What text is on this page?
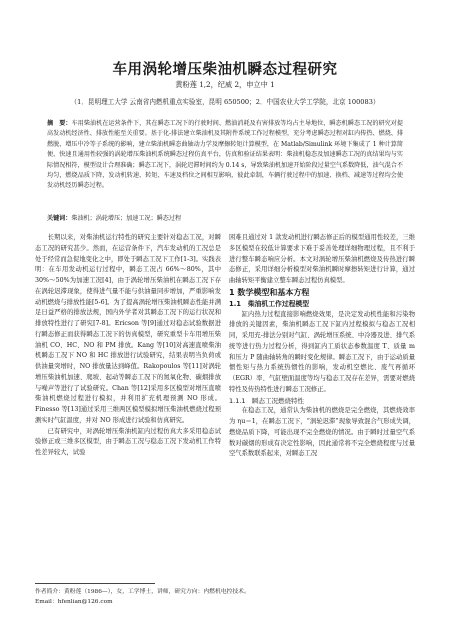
车用涡轮增压柴油机瞬态过程研究
黄粉莲 1,2，纪威 2，申立中 1
（1．昆明理工大学 云南省内燃机重点实验室，昆明 650500；2．中国农业大学工学院，北京 100083）
摘　要：车用柴油机在运营条件下，其在瞬态工况下的行驶时间、燃油消耗及有害排放等均占主导地位，瞬态机瞬态工况的研究对提高发动机经济性、排放性能至关重要。基于化-排法建立柴油机及其附件系统工作过程模型，充分考虑瞬态过程对缸内传热、燃烧、排燃脱、增压中冷等子系统的影响，建立柴油机瞬态曲轴动力学及摩擦转矩计算模型，在 Matlab/Simulink 环境下集成了 1 种计算简便、快速且通用性较强的涡轮增压柴油机系统瞬态过程仿真平台，仿真和验证结果表明：柴油机稳态及加速瞬态工况的真结果均与实际情况相符，模型设计合理准确；瞬态工况下，涡轮迟滞时间约为 0.14 s，导致柴油机加速开始阶段过量空气系数降低，油气混合不均匀，燃烧品质下降，发动机转速、转矩、车速及档位之间相互影响，彼此牵制，车辆行驶过程中的加速、换档、减速等过程均会使发动机经历瞬态过程。
关键词：柴油机；涡轮增压；加速工况；瞬态过程

长期以来，对柴油机运行特性的研究主要针对稳态工况，对瞬态工况的研究甚少。然而，在运营条件下，汽车发动机的工况总是处于经常而急促地变化之中，即处于瞬态工况下工作[1-3]。实践表明：在车用发动机运行过程中，瞬态工况占 66%～80%，其中 30%～50%为加速工况[4]，由于涡轮增压柴油机在瞬态工况下存在涡轮迟滞现象，使得进气量不能与供油量同步增加，严重影响发动机燃烧与排放性能[5-6]。为了提高涡轮增压柴油机瞬态性能并满足日益严格的排放法规，国内外学者对其瞬态工况下的运行状况和排放特性进行了研究[7-8]。Ericson 等[9]通过对稳态试验数据进行瞬态修正而获得瞬态工况下的仿真模型，研究重型卡车用增压柴油机 CO、HC、NO 和 PM 排放。Kang 等[10]对高速直喷柴油机瞬态工况下 NO 和 HC 排放进行试验研究，结果表明当负荷或供油量突增时，NO 排放量达到峰值。Rakopoulos 等[11]对涡轮增压柴油机加速、爬坡、起动等瞬态工况下的氮氧化物、碳烟排放与噪声等进行了试验研究。Chan 等[12]采用多区模型对增压直喷柴油机燃烧过程进行模拟，并利用扩充机理预测 NO 形成。Finesso 等[13]通过采用三维两区模型模拟增压柴油机燃烧过程预测实时气缸温度，并对 NO 形成进行试验和仿真研究。

已有研究中，对涡轮增压柴油机缸内过程仿真大多采用稳态试验修正或三维多区模型，由于瞬态工况与稳态工况下发动机工作特性差异较大，试验

困难且通过对 1 款发动机进行瞬态修正后的模型通用性较差，三维多区模型在较低计算要求下难于妥善处理详细物理过程，且不利于进行整车瞬态响应分析。本文对涡轮增压柴油机燃烧及传热进行瞬态修正，采用详细分析模型对柴油机瞬时摩擦转矩进行计算，通过曲轴转矩平衡建立整车瞬态过程仿真模型。

1 数学模型和基本方程

1.1　柴油机工作过程模型

缸内热力过程直接影响燃烧效果，是决定发动机性能和污染物排放的关键因素，柴油机瞬态工况下缸内过程模拟与稳态工况相同，采用充-排法分别对气缸、涡轮增压系统、中冷器及进、排气系统等进行热力过程分析，得到缸内工质状态参数温度 T、质量 m 和压力 P 随曲轴转角的瞬时变化规律。瞬态工况下，由于运动质量惯性矩与热力系统热惯性的影响，发动机空燃比、废气再循环（EGR）率、气缸壁面温度等均与稳态工况存在差异，需要对燃烧特性及传热特性进行瞬态工况修正。

1.1.1　瞬态工况燃烧特性

在稳态工况，通常认为柴油机的燃烧是完全燃烧，其燃烧效率为 ηu＝1，在瞬态工况下，“涡轮迟滞”现象导致混合气形成失调，燃烧品质下降，可能出现不完全燃烧的情况。由于瞬时过量空气系数对碳烟的形成有决定性影响，因此通常将不完全燃烧程度与过量空气系数联系起来，对瞬态工况

作者简介：黄粉莲（1986—），女，工学博士，讲师，研究方向：内燃机电控技术。
Email：hfenlian@126.com
